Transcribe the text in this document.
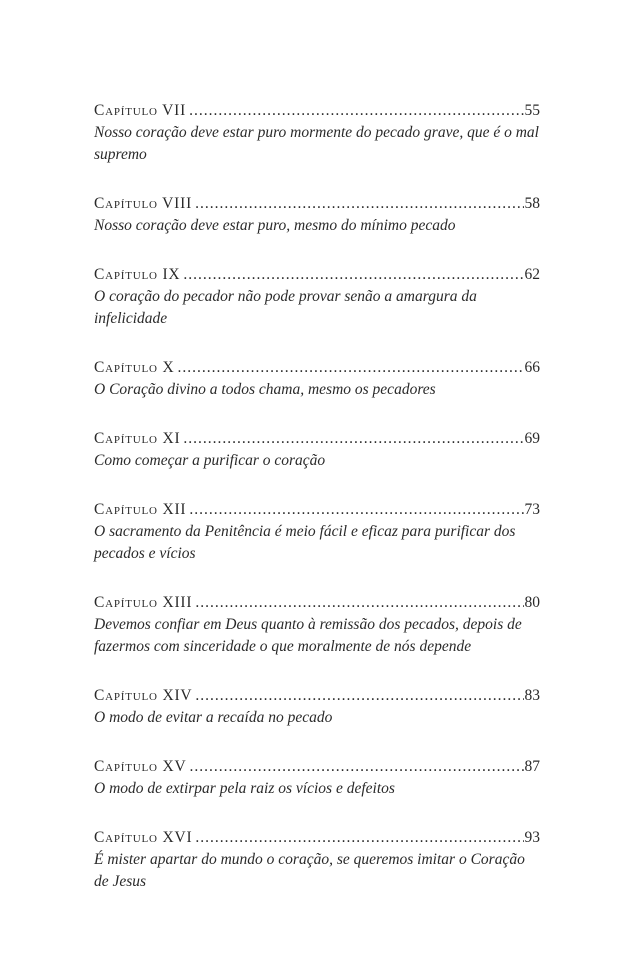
Capítulo VII .....	55
Nosso coração deve estar puro mormente do pecado grave, que é o mal supremo
Capítulo VIII .....	58
Nosso coração deve estar puro, mesmo do mínimo pecado
Capítulo IX .....	62
O coração do pecador não pode provar senão a amargura da infelicidade
Capítulo X .....	66
O Coração divino a todos chama, mesmo os pecadores
Capítulo XI .....	69
Como começar a purificar o coração
Capítulo XII .....	73
O sacramento da Penitência é meio fácil e eficaz para purificar dos pecados e vícios
Capítulo XIII .....	80
Devemos confiar em Deus quanto à remissão dos pecados, depois de fazermos com sinceridade o que moralmente de nós depende
Capítulo XIV .....	83
O modo de evitar a recaída no pecado
Capítulo XV .....	87
O modo de extirpar pela raiz os vícios e defeitos
Capítulo XVI .....	93
É mister apartar do mundo o coração, se queremos imitar o Coração de Jesus
